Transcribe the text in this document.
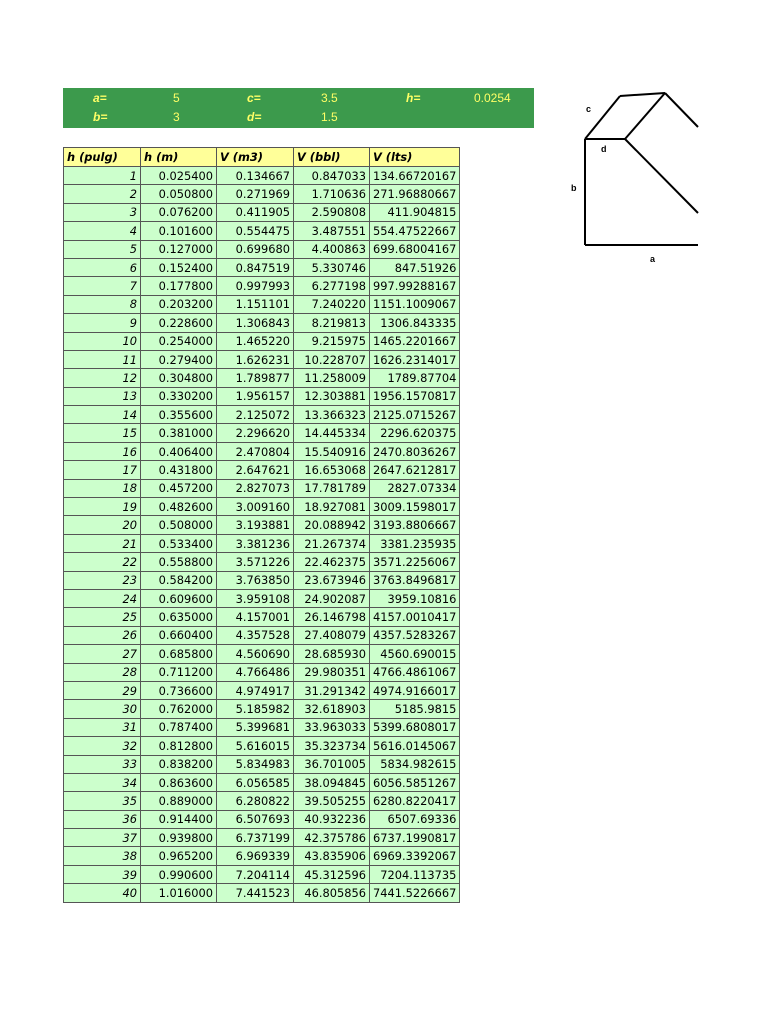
a=	5	c=	3.5	h=	0.0254
b=	3	d=	1.5
h (pulg)	h (m)	V (m3)	V (bbl)	V (lts)
1	0.025400	0.134667	0.847033	134.66720167
2	0.050800	0.271969	1.710636	271.96880667
3	0.076200	0.411905	2.590808	411.904815
4	0.101600	0.554475	3.487551	554.47522667
5	0.127000	0.699680	4.400863	699.68004167
6	0.152400	0.847519	5.330746	847.51926
7	0.177800	0.997993	6.277198	997.99288167
8	0.203200	1.151101	7.240220	1151.1009067
9	0.228600	1.306843	8.219813	1306.843335
10	0.254000	1.465220	9.215975	1465.2201667
11	0.279400	1.626231	10.228707	1626.2314017
12	0.304800	1.789877	11.258009	1789.87704
13	0.330200	1.956157	12.303881	1956.1570817
14	0.355600	2.125072	13.366323	2125.0715267
15	0.381000	2.296620	14.445334	2296.620375
16	0.406400	2.470804	15.540916	2470.8036267
17	0.431800	2.647621	16.653068	2647.6212817
18	0.457200	2.827073	17.781789	2827.07334
19	0.482600	3.009160	18.927081	3009.1598017
20	0.508000	3.193881	20.088942	3193.8806667
21	0.533400	3.381236	21.267374	3381.235935
22	0.558800	3.571226	22.462375	3571.2256067
23	0.584200	3.763850	23.673946	3763.8496817
24	0.609600	3.959108	24.902087	3959.10816
25	0.635000	4.157001	26.146798	4157.0010417
26	0.660400	4.357528	27.408079	4357.5283267
27	0.685800	4.560690	28.685930	4560.690015
28	0.711200	4.766486	29.980351	4766.4861067
29	0.736600	4.974917	31.291342	4974.9166017
30	0.762000	5.185982	32.618903	5185.9815
31	0.787400	5.399681	33.963033	5399.6808017
32	0.812800	5.616015	35.323734	5616.0145067
33	0.838200	5.834983	36.701005	5834.982615
34	0.863600	6.056585	38.094845	6056.5851267
35	0.889000	6.280822	39.505255	6280.8220417
36	0.914400	6.507693	40.932236	6507.69336
37	0.939800	6.737199	42.375786	6737.1990817
38	0.965200	6.969339	43.835906	6969.3392067
39	0.990600	7.204114	45.312596	7204.113735
40	1.016000	7.441523	46.805856	7441.5226667
c
d
b
a
